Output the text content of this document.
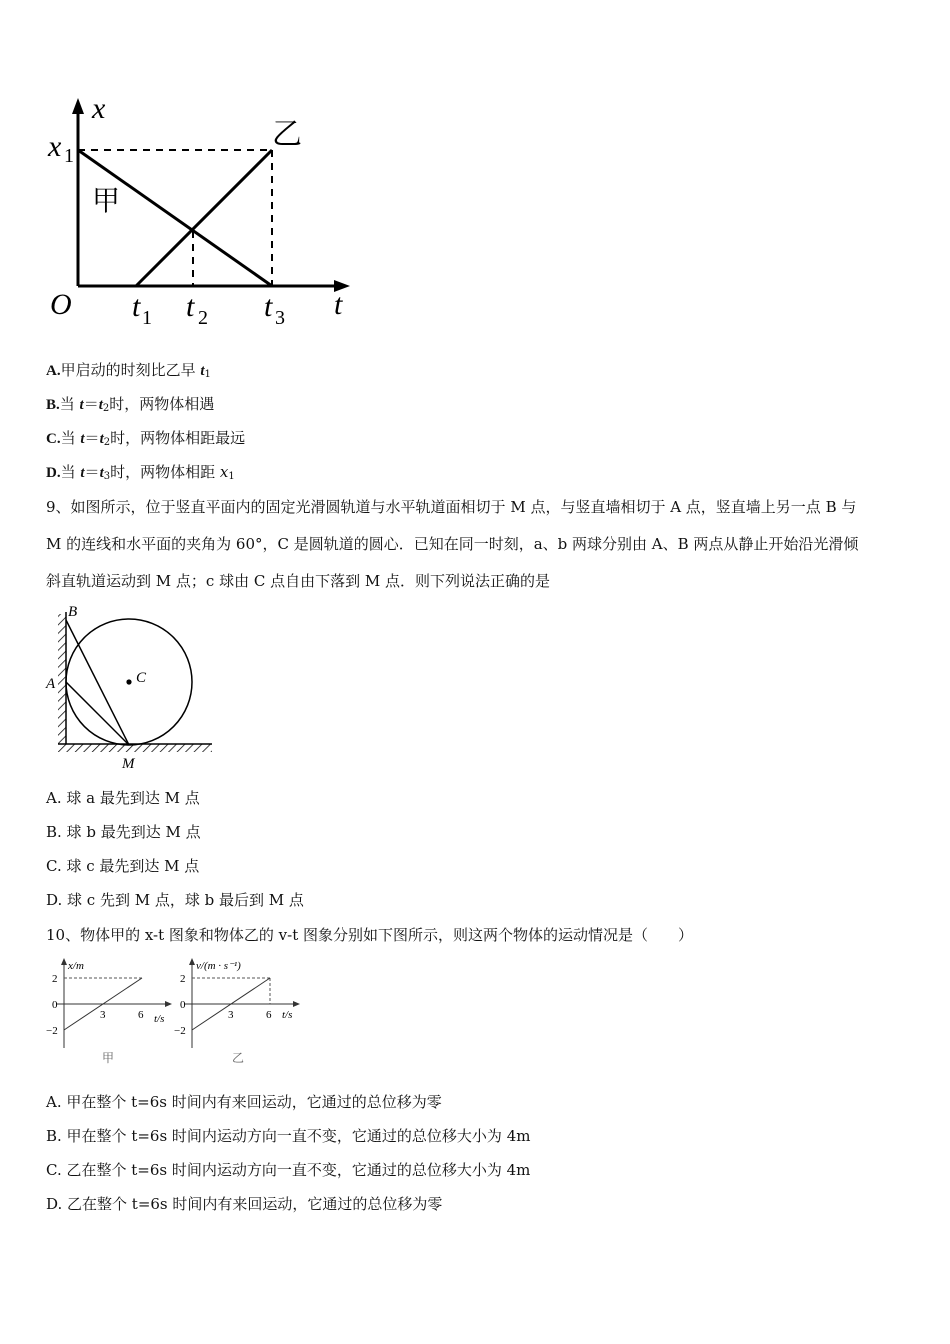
x
t
O
x 1
t 1 t 2 t 3
甲
乙
A.甲启动的时刻比乙早 $t_1$
B.当 $t=t_2$时，两物体相遇
C.当 $t=t_2$时，两物体相距最远
D.当 $t=t_3$时，两物体相距 $x_1$
9、如图所示，位于竖直平面内的固定光滑圆轨道与水平轨道面相切于 M 点，与竖直墙相切于 A 点，竖直墙上另一点 B 与
M 的连线和水平面的夹角为 60°，C 是圆轨道的圆心．已知在同一时刻，a、b 两球分别由 A、B 两点从静止开始沿光滑倾
斜直轨道运动到 M 点；c 球由 C 点自由下落到 M 点．则下列说法正确的是
B
A	C
M
A. 球 a 最先到达 M 点
B. 球 b 最先到达 M 点
C. 球 c 最先到达 M 点
D. 球 c 先到 M 点，球 b 最后到 M 点
10、物体甲的 x-t 图象和物体乙的 v-t 图象分别如下图所示，则这两个物体的运动情况是（　　）
x/m
t/s
2
0
−2
3	6
甲
v/(m · s⁻¹)
t/s
2
0
−2
3	6
乙
A. 甲在整个 t=6s 时间内有来回运动，它通过的总位移为零
B. 甲在整个 t=6s 时间内运动方向一直不变，它通过的总位移大小为 4m
C. 乙在整个 t=6s 时间内运动方向一直不变，它通过的总位移大小为 4m
D. 乙在整个 t=6s 时间内有来回运动，它通过的总位移为零
